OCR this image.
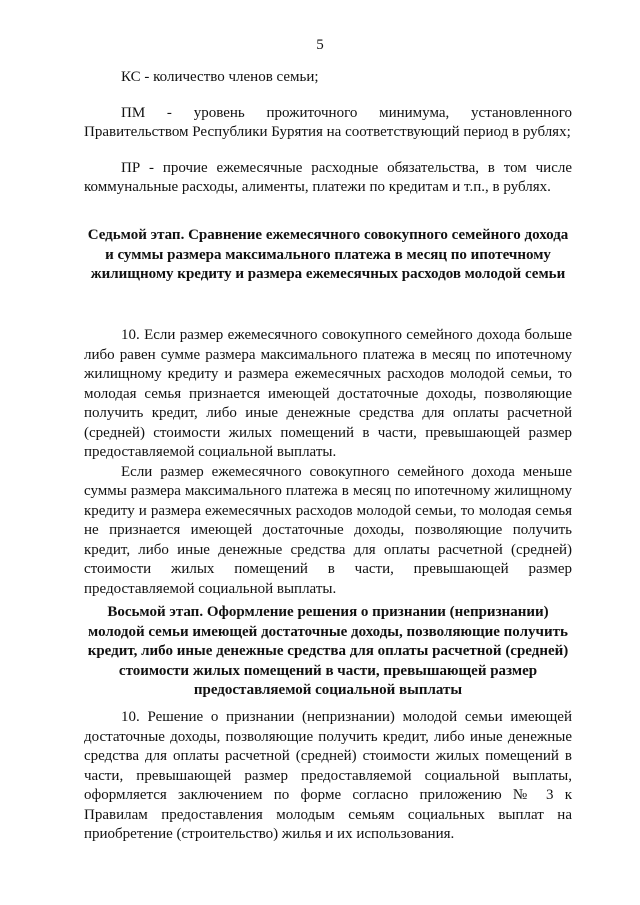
5

КС - количество членов семьи;

ПМ - уровень прожиточного минимума, установленного Правительством Республики Бурятия на соответствующий период в рублях;

ПР - прочие ежемесячные расходные обязательства, в том числе коммунальные расходы, алименты, платежи по кредитам и т.п., в рублях.

Седьмой этап. Сравнение ежемесячного совокупного семейного дохода и суммы размера максимального платежа в месяц по ипотечному жилищному кредиту и размера ежемесячных расходов молодой семьи

10. Если размер ежемесячного совокупного семейного дохода больше либо равен сумме размера максимального платежа в месяц по ипотечному жилищному кредиту и размера ежемесячных расходов молодой семьи, то молодая семья признается имеющей достаточные доходы, позволяющие получить кредит, либо иные денежные средства для оплаты расчетной (средней) стоимости жилых помещений в части, превышающей размер предоставляемой социальной выплаты.

Если размер ежемесячного совокупного семейного дохода меньше суммы размера максимального платежа в месяц по ипотечному жилищному кредиту и размера ежемесячных расходов молодой семьи, то молодая семья не признается имеющей достаточные доходы, позволяющие получить кредит, либо иные денежные средства для оплаты расчетной (средней) стоимости жилых помещений в части, превышающей размер предоставляемой социальной выплаты.

Восьмой этап. Оформление решения о признании (непризнании) молодой семьи имеющей достаточные доходы, позволяющие получить кредит, либо иные денежные средства для оплаты расчетной (средней) стоимости жилых помещений в части, превышающей размер предоставляемой социальной выплаты

10. Решение о признании (непризнании) молодой семьи имеющей достаточные доходы, позволяющие получить кредит, либо иные денежные средства для оплаты расчетной (средней) стоимости жилых помещений в части, превышающей размер предоставляемой социальной выплаты, оформляется заключением по форме согласно приложению № 3 к Правилам предоставления молодым семьям социальных выплат на приобретение (строительство) жилья и их использования.
